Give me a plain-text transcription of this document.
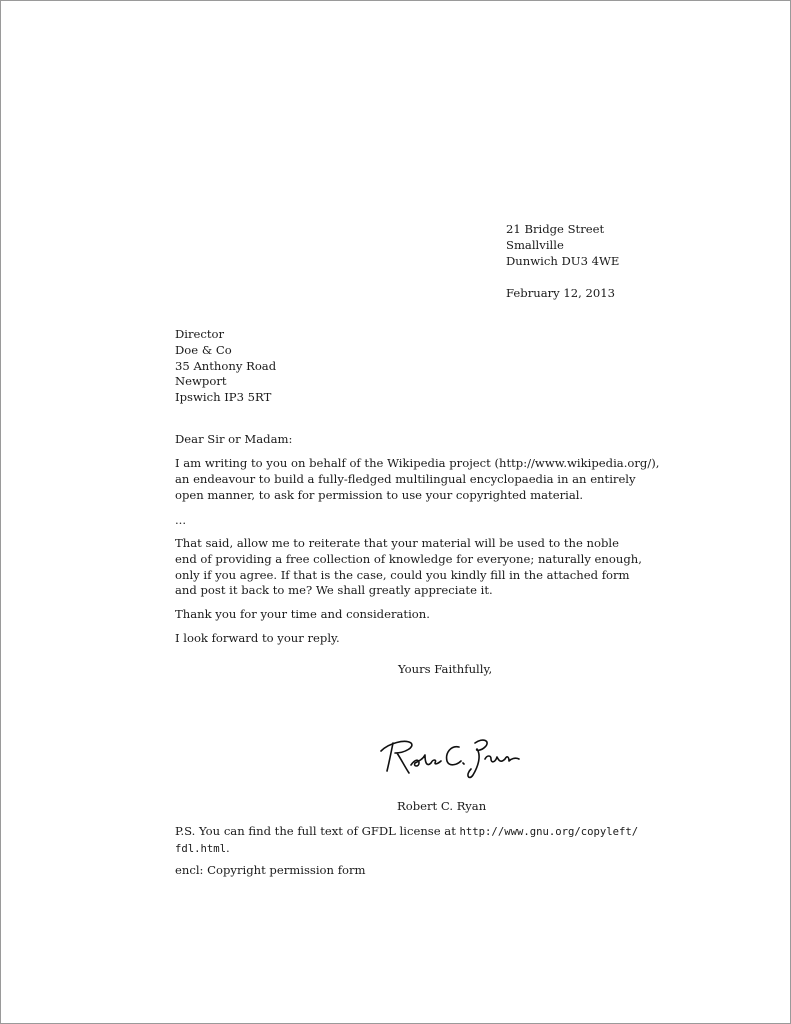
21 Bridge Street
Smallville
Dunwich DU3 4WE
February 12, 2013
Director
Doe & Co
35 Anthony Road
Newport
Ipswich IP3 5RT
Dear Sir or Madam:
I am writing to you on behalf of the Wikipedia project (http://www.wikipedia.org/),
an endeavour to build a fully-fledged multilingual encyclopaedia in an entirely
open manner, to ask for permission to use your copyrighted material.
...
That said, allow me to reiterate that your material will be used to the noble
end of providing a free collection of knowledge for everyone; naturally enough,
only if you agree. If that is the case, could you kindly fill in the attached form
and post it back to me? We shall greatly appreciate it.
Thank you for your time and consideration.
I look forward to your reply.
Yours Faithfully,
Robert C. Ryan
P.S. You can find the full text of GFDL license at http://www.gnu.org/copyleft/
fdl.html.
encl: Copyright permission form
